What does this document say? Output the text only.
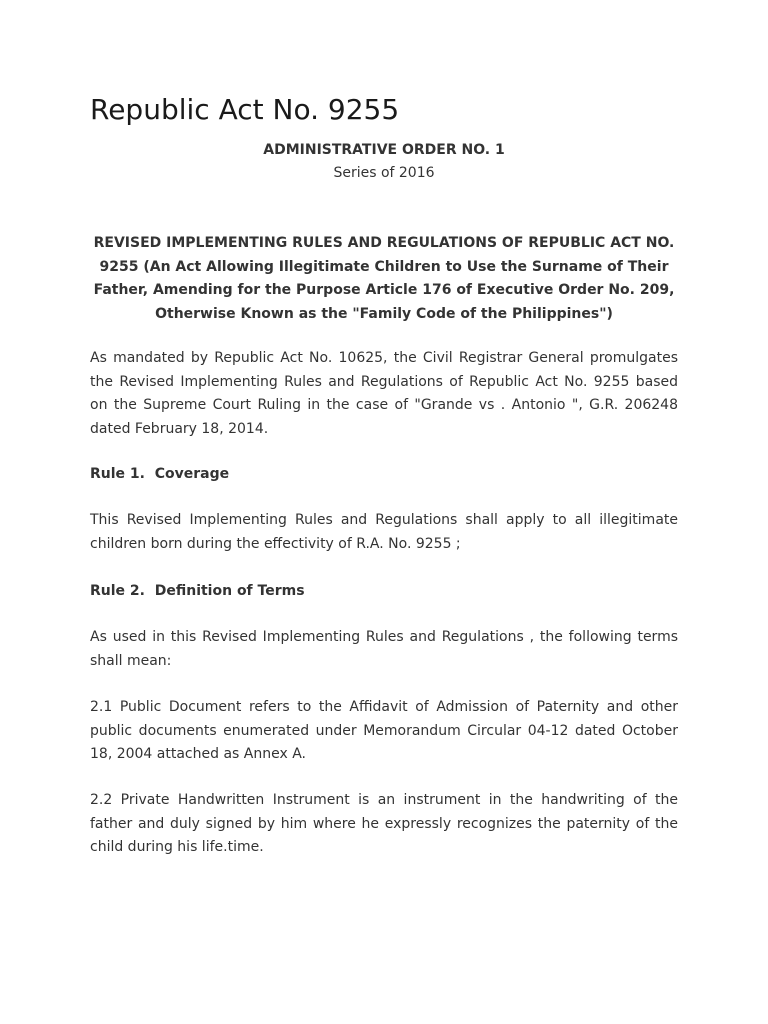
Republic Act No. 9255

ADMINISTRATIVE ORDER NO. 1

Series of 2016

REVISED IMPLEMENTING RULES AND REGULATIONS OF REPUBLIC ACT NO. 9255 (An Act Allowing Illegitimate Children to Use the Surname of Their Father, Amending for the Purpose Article 176 of Executive Order No. 209, Otherwise Known as the "Family Code of the Philippines")

As mandated by Republic Act No. 10625, the Civil Registrar General promulgates the Revised Implementing Rules and Regulations of Republic Act No. 9255 based on the Supreme Court Ruling in the case of "Grande vs . Antonio ", G.R. 206248 dated February 18, 2014.

Rule 1.  Coverage

This Revised Implementing Rules and Regulations shall apply to all illegitimate children born during the effectivity of R.A. No. 9255 ;

Rule 2.  Definition of Terms

As used in this Revised Implementing Rules and Regulations , the following terms shall mean:

2.1 Public Document refers to the Affidavit of Admission of Paternity and other public documents enumerated under Memorandum Circular 04-12 dated October 18, 2004 attached as Annex A.

2.2 Private Handwritten Instrument is an instrument in the handwriting of the father and duly signed by him where he expressly recognizes the paternity of the child during his life.time.
